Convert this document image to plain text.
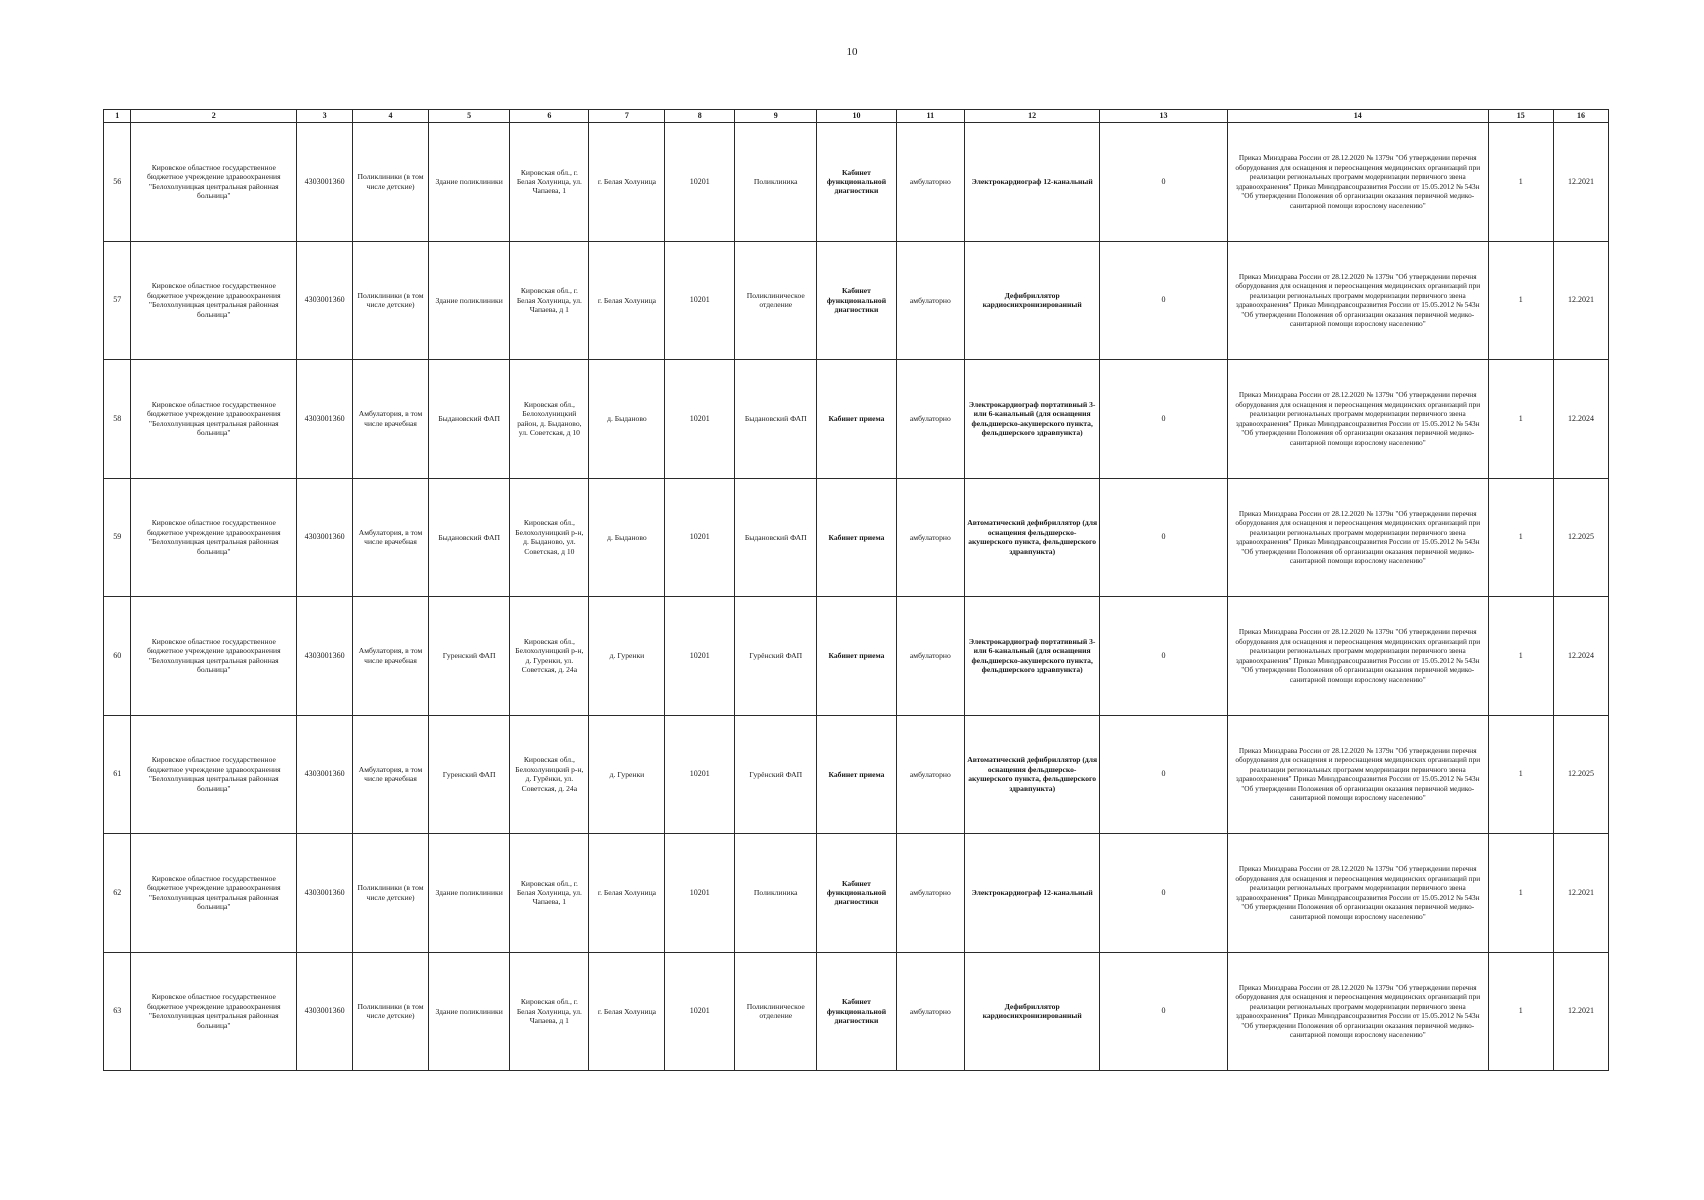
10
1	2	3	4	5	6	7	8	9	10	11	12	13	14	15	16
56	Кировское областное государственное бюджетное учреждение здравоохранения "Белохолуницкая центральная районная больница"	4303001360	Поликлиники (в том числе детские)	Здание поликлиники	Кировская обл., г. Белая Холуница, ул. Чапаева, 1	г. Белая Холуница	10201	Поликлиника	Кабинет функциональной диагностики	амбулаторно	Электрокардиограф 12-канальный	0	Приказ Минздрава России от 28.12.2020 № 1379н "Об утверждении перечня оборудования для оснащения и переоснащения медицинских организаций при реализации региональных программ модернизации первичного звена здравоохранения" Приказ Минздравсоцразвития России от 15.05.2012 № 543н "Об утверждении Положения об организации оказания первичной медико-санитарной помощи взрослому населению"	1	12.2021
57	Кировское областное государственное бюджетное учреждение здравоохранения "Белохолуницкая центральная районная больница"	4303001360	Поликлиники (в том числе детские)	Здание поликлиники	Кировская обл., г. Белая Холуница, ул. Чапаева, д 1	г. Белая Холуница	10201	Поликлиническое отделение	Кабинет функциональной диагностики	амбулаторно	Дефибриллятор кардиосинхронизированный	0	Приказ Минздрава России от 28.12.2020 № 1379н "Об утверждении перечня оборудования для оснащения и переоснащения медицинских организаций при реализации региональных программ модернизации первичного звена здравоохранения" Приказ Минздравсоцразвития России от 15.05.2012 № 543н "Об утверждении Положения об организации оказания первичной медико-санитарной помощи взрослому населению"	1	12.2021
58	Кировское областное государственное бюджетное учреждение здравоохранения "Белохолуницкая центральная районная больница"	4303001360	Амбулатория, в том числе врачебная	Быдановский ФАП	Кировская обл., Белохолуницкий район, д. Быданово, ул. Советская, д 10	д. Быданово	10201	Быдановский ФАП	Кабинет приема	амбулаторно	Электрокардиограф портативный 3- или 6-канальный (для оснащения фельдшерско-акушерского пункта, фельдшерского здравпункта)	0	Приказ Минздрава России от 28.12.2020 № 1379н "Об утверждении перечня оборудования для оснащения и переоснащения медицинских организаций при реализации региональных программ модернизации первичного звена здравоохранения" Приказ Минздравсоцразвития России от 15.05.2012 № 543н "Об утверждении Положения об организации оказания первичной медико-санитарной помощи взрослому населению"	1	12.2024
59	Кировское областное государственное бюджетное учреждение здравоохранения "Белохолуницкая центральная районная больница"	4303001360	Амбулатория, в том числе врачебная	Быдановский ФАП	Кировская обл., Белохолуницкий р-н, д. Быданово, ул. Советская, д 10	д. Быданово	10201	Быдановский ФАП	Кабинет приема	амбулаторно	Автоматический дефибриллятор (для оснащения фельдшерско-акушерского пункта, фельдшерского здравпункта)	0	Приказ Минздрава России от 28.12.2020 № 1379н "Об утверждении перечня оборудования для оснащения и переоснащения медицинских организаций при реализации региональных программ модернизации первичного звена здравоохранения" Приказ Минздравсоцразвития России от 15.05.2012 № 543н "Об утверждении Положения об организации оказания первичной медико-санитарной помощи взрослому населению"	1	12.2025
60	Кировское областное государственное бюджетное учреждение здравоохранения "Белохолуницкая центральная районная больница"	4303001360	Амбулатория, в том числе врачебная	Гуренский ФАП	Кировская обл., Белохолуницкий р-н, д. Гуренки, ул. Советская, д. 24а	д. Гуренки	10201	Гурёнский ФАП	Кабинет приема	амбулаторно	Электрокардиограф портативный 3- или 6-канальный (для оснащения фельдшерско-акушерского пункта, фельдшерского здравпункта)	0	Приказ Минздрава России от 28.12.2020 № 1379н "Об утверждении перечня оборудования для оснащения и переоснащения медицинских организаций при реализации региональных программ модернизации первичного звена здравоохранения" Приказ Минздравсоцразвития России от 15.05.2012 № 543н "Об утверждении Положения об организации оказания первичной медико-санитарной помощи взрослому населению"	1	12.2024
61	Кировское областное государственное бюджетное учреждение здравоохранения "Белохолуницкая центральная районная больница"	4303001360	Амбулатория, в том числе врачебная	Гуренский ФАП	Кировская обл., Белохолуницкий р-н, д. Гурёнки, ул. Советская, д. 24а	д. Гуренки	10201	Гурёнский ФАП	Кабинет приема	амбулаторно	Автоматический дефибриллятор (для оснащения фельдшерско-акушерского пункта, фельдшерского здравпункта)	0	Приказ Минздрава России от 28.12.2020 № 1379н "Об утверждении перечня оборудования для оснащения и переоснащения медицинских организаций при реализации региональных программ модернизации первичного звена здравоохранения" Приказ Минздравсоцразвития России от 15.05.2012 № 543н "Об утверждении Положения об организации оказания первичной медико-санитарной помощи взрослому населению"	1	12.2025
62	Кировское областное государственное бюджетное учреждение здравоохранения "Белохолуницкая центральная районная больница"	4303001360	Поликлиники (в том числе детские)	Здание поликлиники	Кировская обл., г. Белая Холуница, ул. Чапаева, 1	г. Белая Холуница	10201	Поликлиника	Кабинет функциональной диагностики	амбулаторно	Электрокардиограф 12-канальный	0	Приказ Минздрава России от 28.12.2020 № 1379н "Об утверждении перечня оборудования для оснащения и переоснащения медицинских организаций при реализации региональных программ модернизации первичного звена здравоохранения" Приказ Минздравсоцразвития России от 15.05.2012 № 543н "Об утверждении Положения об организации оказания первичной медико-санитарной помощи взрослому населению"	1	12.2021
63	Кировское областное государственное бюджетное учреждение здравоохранения "Белохолуницкая центральная районная больница"	4303001360	Поликлиники (в том числе детские)	Здание поликлиники	Кировская обл., г. Белая Холуница, ул. Чапаева, д 1	г. Белая Холуница	10201	Поликлиническое отделение	Кабинет функциональной диагностики	амбулаторно	Дефибриллятор кардиосинхронизированный	0	Приказ Минздрава России от 28.12.2020 № 1379н "Об утверждении перечня оборудования для оснащения и переоснащения медицинских организаций при реализации региональных программ модернизации первичного звена здравоохранения" Приказ Минздравсоцразвития России от 15.05.2012 № 543н "Об утверждении Положения об организации оказания первичной медико-санитарной помощи взрослому населению"	1	12.2021
